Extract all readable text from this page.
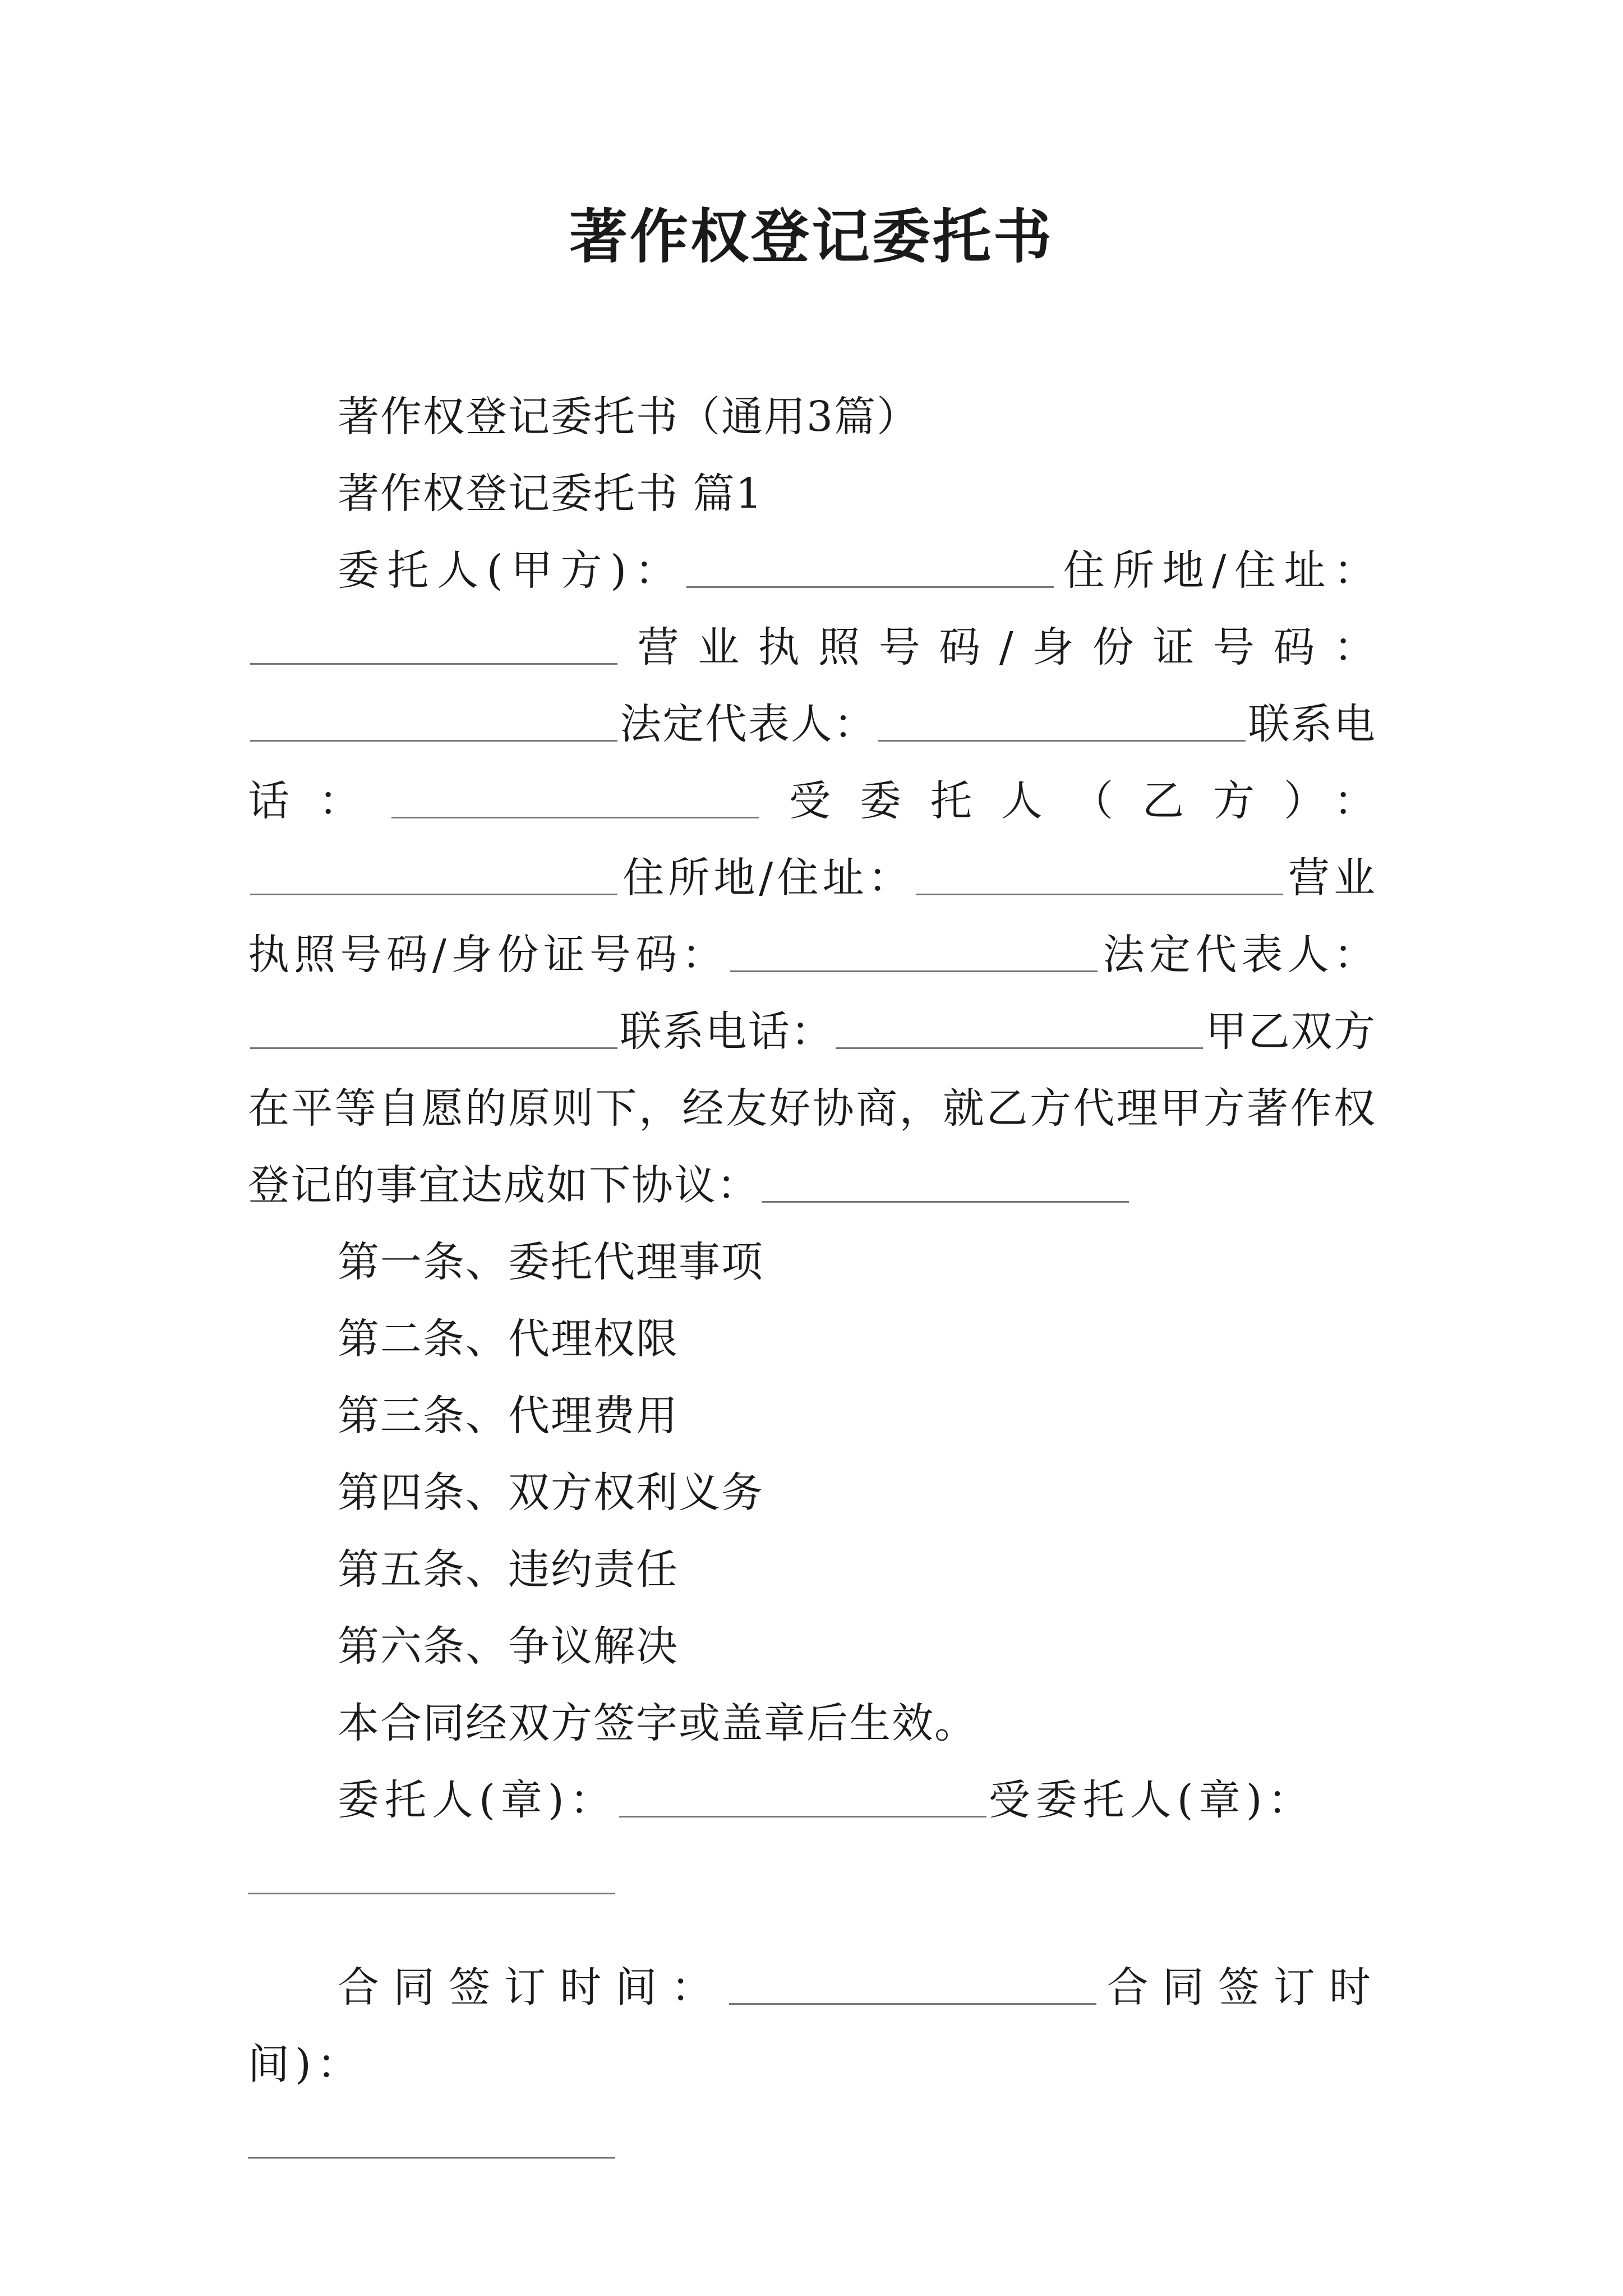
著作权登记委托书

著作权登记委托书（通用3篇）

著作权登记委托书 篇1

委托人(甲方)：	住所地/住址：营业执照号码/身份证号码：法定代表人：	联系电话：	受委托人（乙方）：住所地/住址：	营业执照号码/身份证号码：	法定代表人：联系电话：	甲乙双方在平等自愿的原则下，经友好协商，就乙方代理甲方著作权登记的事宜达成如下协议：

第一条、委托代理事项

第二条、代理权限

第三条、代理费用

第四条、双方权利义务

第五条、违约责任

第六条、争议解决

本合同经双方签字或盖章后生效。

委托人(章)：	受委托人(章)：

合同签订时间：	合同签订时间)：
